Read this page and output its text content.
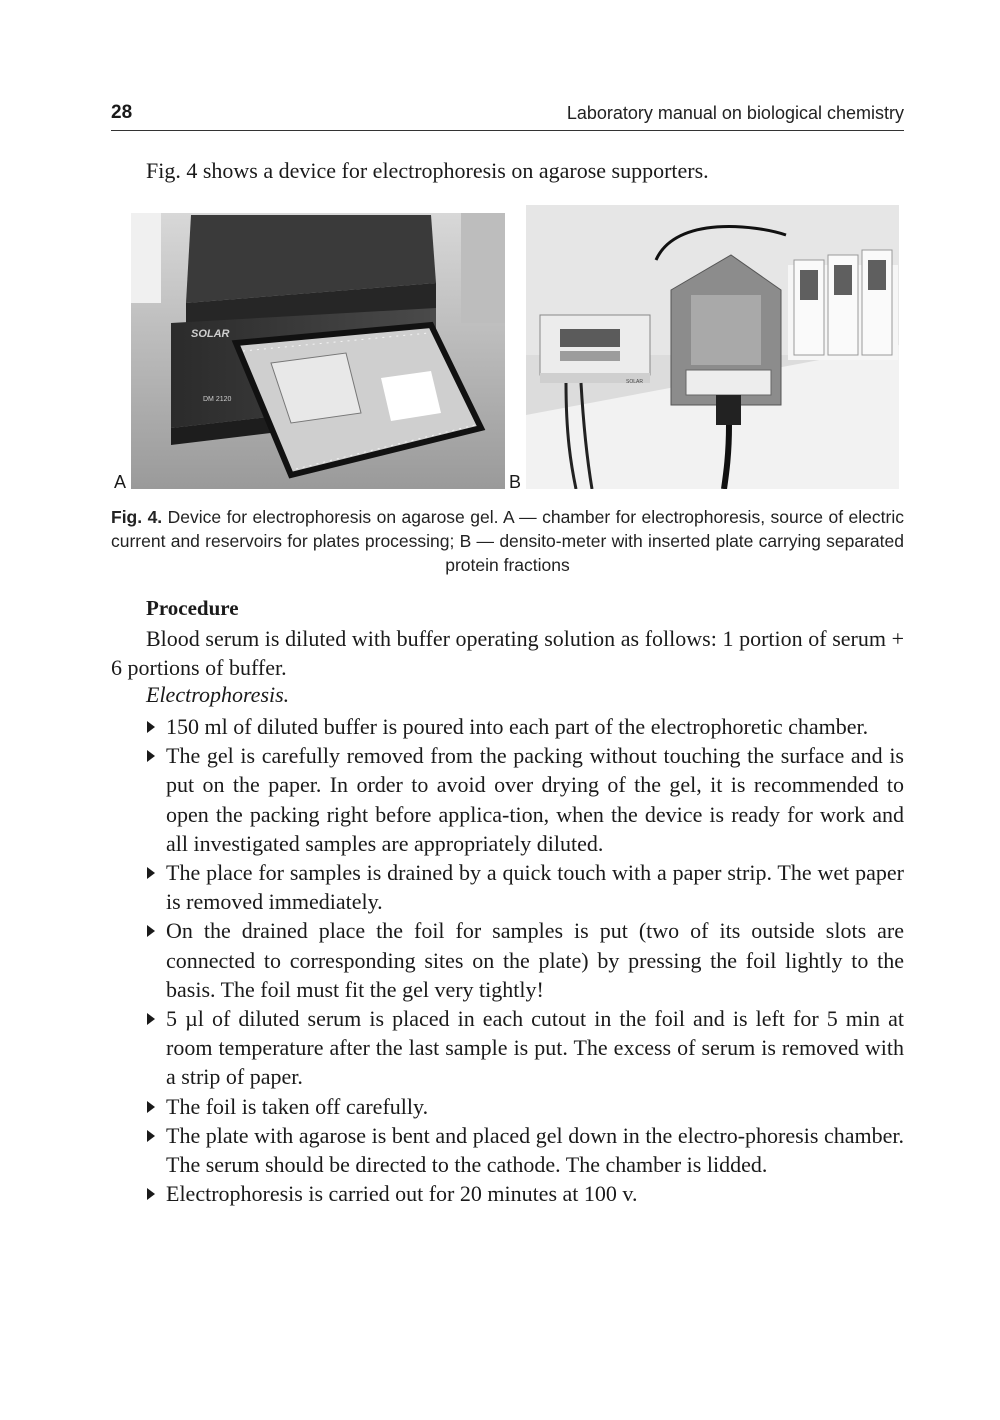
28	Laboratory manual on biological chemistry
Fig. 4 shows a device for electrophoresis on agarose supporters.
SOLAR
DM 2120
A
SOLAR
B
Fig. 4. Device for electrophoresis on agarose gel. A — chamber for electrophoresis, source of electric current and reservoirs for plates processing; B — densito-meter with inserted plate carrying separated protein fractions
Procedure
Blood serum is diluted with buffer operating solution as follows: 1 portion of serum + 6 portions of buffer.
Electrophoresis.
150 ml of diluted buffer is poured into each part of the electrophoretic chamber.
The gel is carefully removed from the packing without touching the surface and is put on the paper. In order to avoid over drying of the gel, it is recommended to open the packing right before applica-tion, when the device is ready for work and all investigated samples are appropriately diluted.
The place for samples is drained by a quick touch with a paper strip. The wet paper is removed immediately.
On the drained place the foil for samples is put (two of its outside slots are connected to corresponding sites on the plate) by pressing the foil lightly to the basis. The foil must fit the gel very tightly!
5 µl of diluted serum is placed in each cutout in the foil and is left for 5 min at room temperature after the last sample is put. The excess of serum is removed with a strip of paper.
The foil is taken off carefully.
The plate with agarose is bent and placed gel down in the electro-phoresis chamber. The serum should be directed to the cathode. The chamber is lidded.
Electrophoresis is carried out for 20 minutes at 100 v.
